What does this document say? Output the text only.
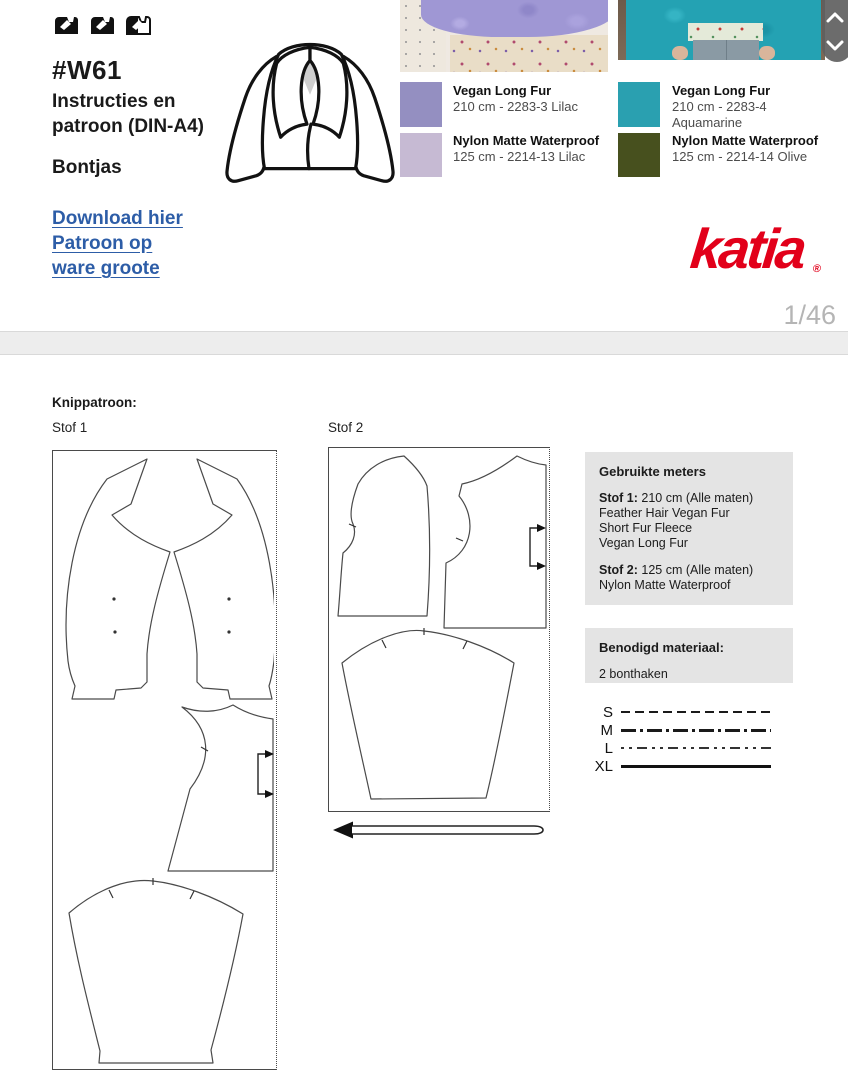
#W61
Instructies en
patroon (DIN-A4)
Bontjas
Download hier
Patroon op
ware groote
Vegan Long Fur
210 cm - 2283-3 Lilac
Nylon Matte Waterproof
125 cm - 2214-13 Lilac
Vegan Long Fur
210 cm - 2283-4
Aquamarine
Nylon Matte Waterproof
125 cm - 2214-14 Olive
katia ®
1/46
Knippatroon:
Stof 1	Stof 2
Gebruikte meters
Stof 1: 210 cm (Alle maten)
Feather Hair Vegan Fur
Short Fur Fleece
Vegan Long Fur
Stof 2: 125 cm (Alle maten)
Nylon Matte Waterproof
Benodigd materiaal:
2 bonthaken
S
M
L
XL
